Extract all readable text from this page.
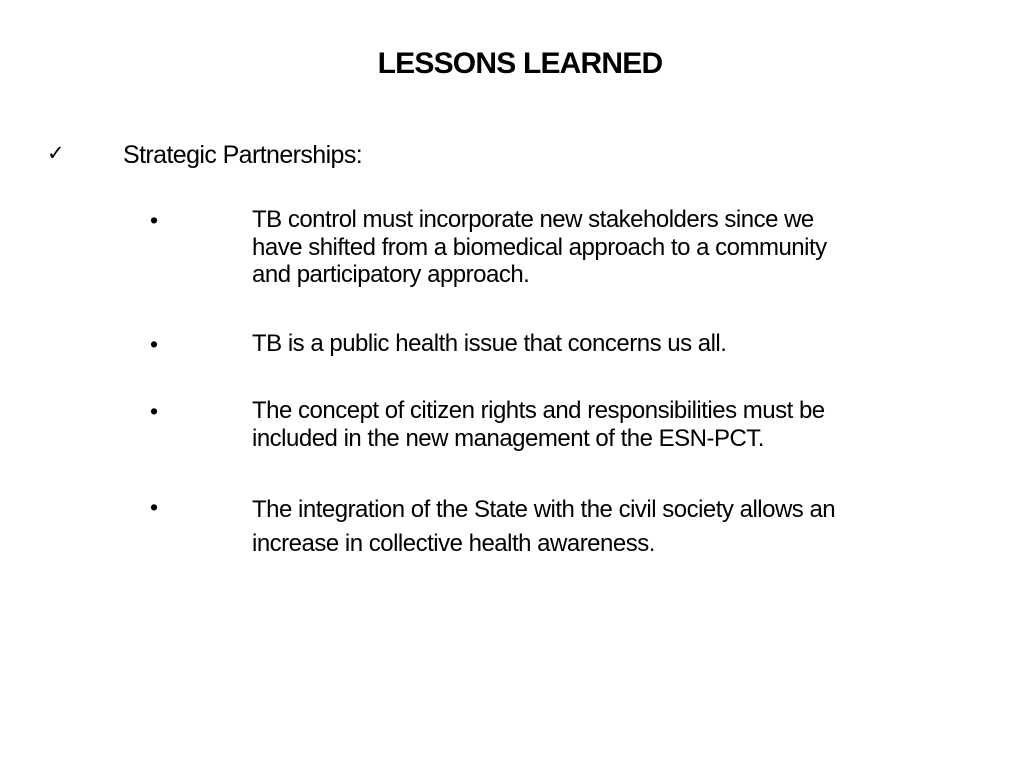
LESSONS LEARNED
✓ Strategic Partnerships:
•	TB control must incorporate new stakeholders since we
have shifted from a biomedical approach to a community
and participatory approach.
•	TB is a public health issue that concerns us all.
•	The concept of citizen rights and responsibilities must be
included in the new management of the ESN-PCT.
•	The integration of the State with the civil society allows an
increase in collective health awareness.
